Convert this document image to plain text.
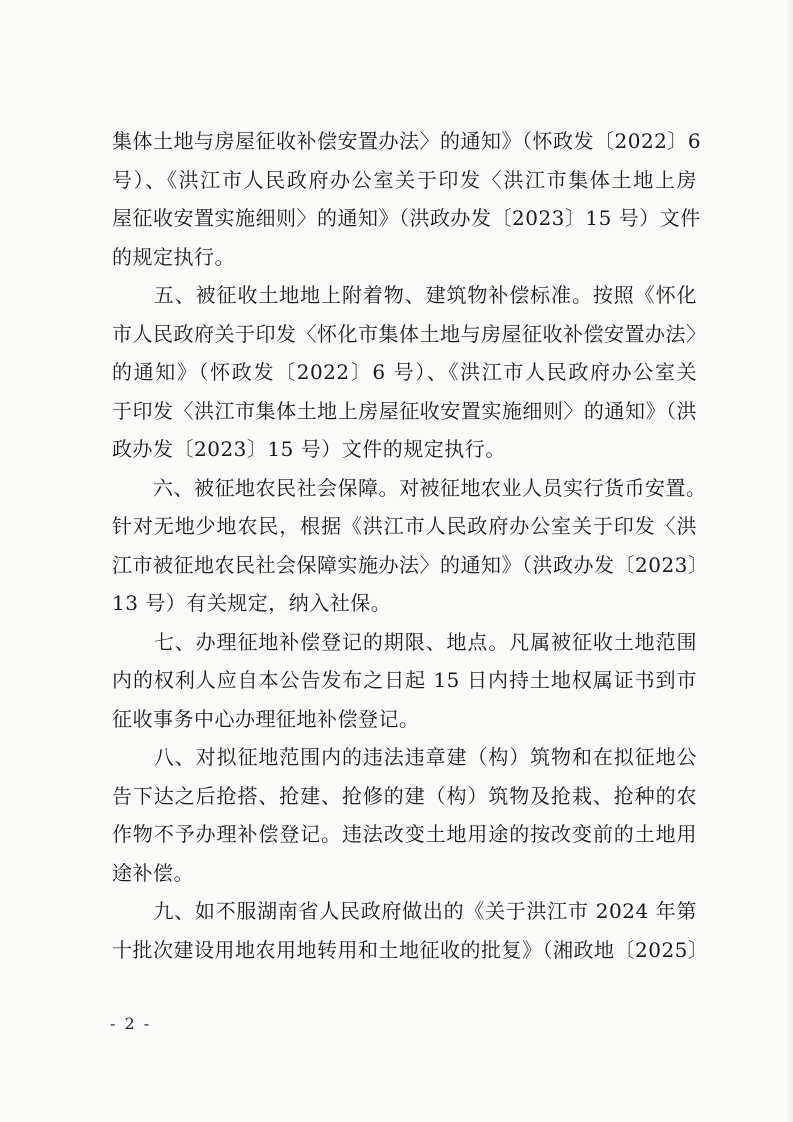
集体土地与房屋征收补偿安置办法〉的通知》（怀政发〔2022〕6
号）、《洪江市人民政府办公室关于印发〈洪江市集体土地上房
屋征收安置实施细则〉的通知》（洪政办发〔2023〕15 号）文件
的规定执行。
　　五、被征收土地地上附着物、建筑物补偿标准。按照《怀化
市人民政府关于印发〈怀化市集体土地与房屋征收补偿安置办法〉
的通知》（怀政发〔2022〕6 号）、《洪江市人民政府办公室关
于印发〈洪江市集体土地上房屋征收安置实施细则〉的通知》（洪
政办发〔2023〕15 号）文件的规定执行。
　　六、被征地农民社会保障。对被征地农业人员实行货币安置。
针对无地少地农民，根据《洪江市人民政府办公室关于印发〈洪
江市被征地农民社会保障实施办法〉的通知》（洪政办发〔2023〕
13 号）有关规定，纳入社保。
　　七、办理征地补偿登记的期限、地点。凡属被征收土地范围
内的权利人应自本公告发布之日起 15 日内持土地权属证书到市
征收事务中心办理征地补偿登记。
　　八、对拟征地范围内的违法违章建（构）筑物和在拟征地公
告下达之后抢搭、抢建、抢修的建（构）筑物及抢栽、抢种的农
作物不予办理补偿登记。违法改变土地用途的按改变前的土地用
途补偿。
　　九、如不服湖南省人民政府做出的《关于洪江市 2024 年第
十批次建设用地农用地转用和土地征收的批复》（湘政地〔2025〕
- 2 -
